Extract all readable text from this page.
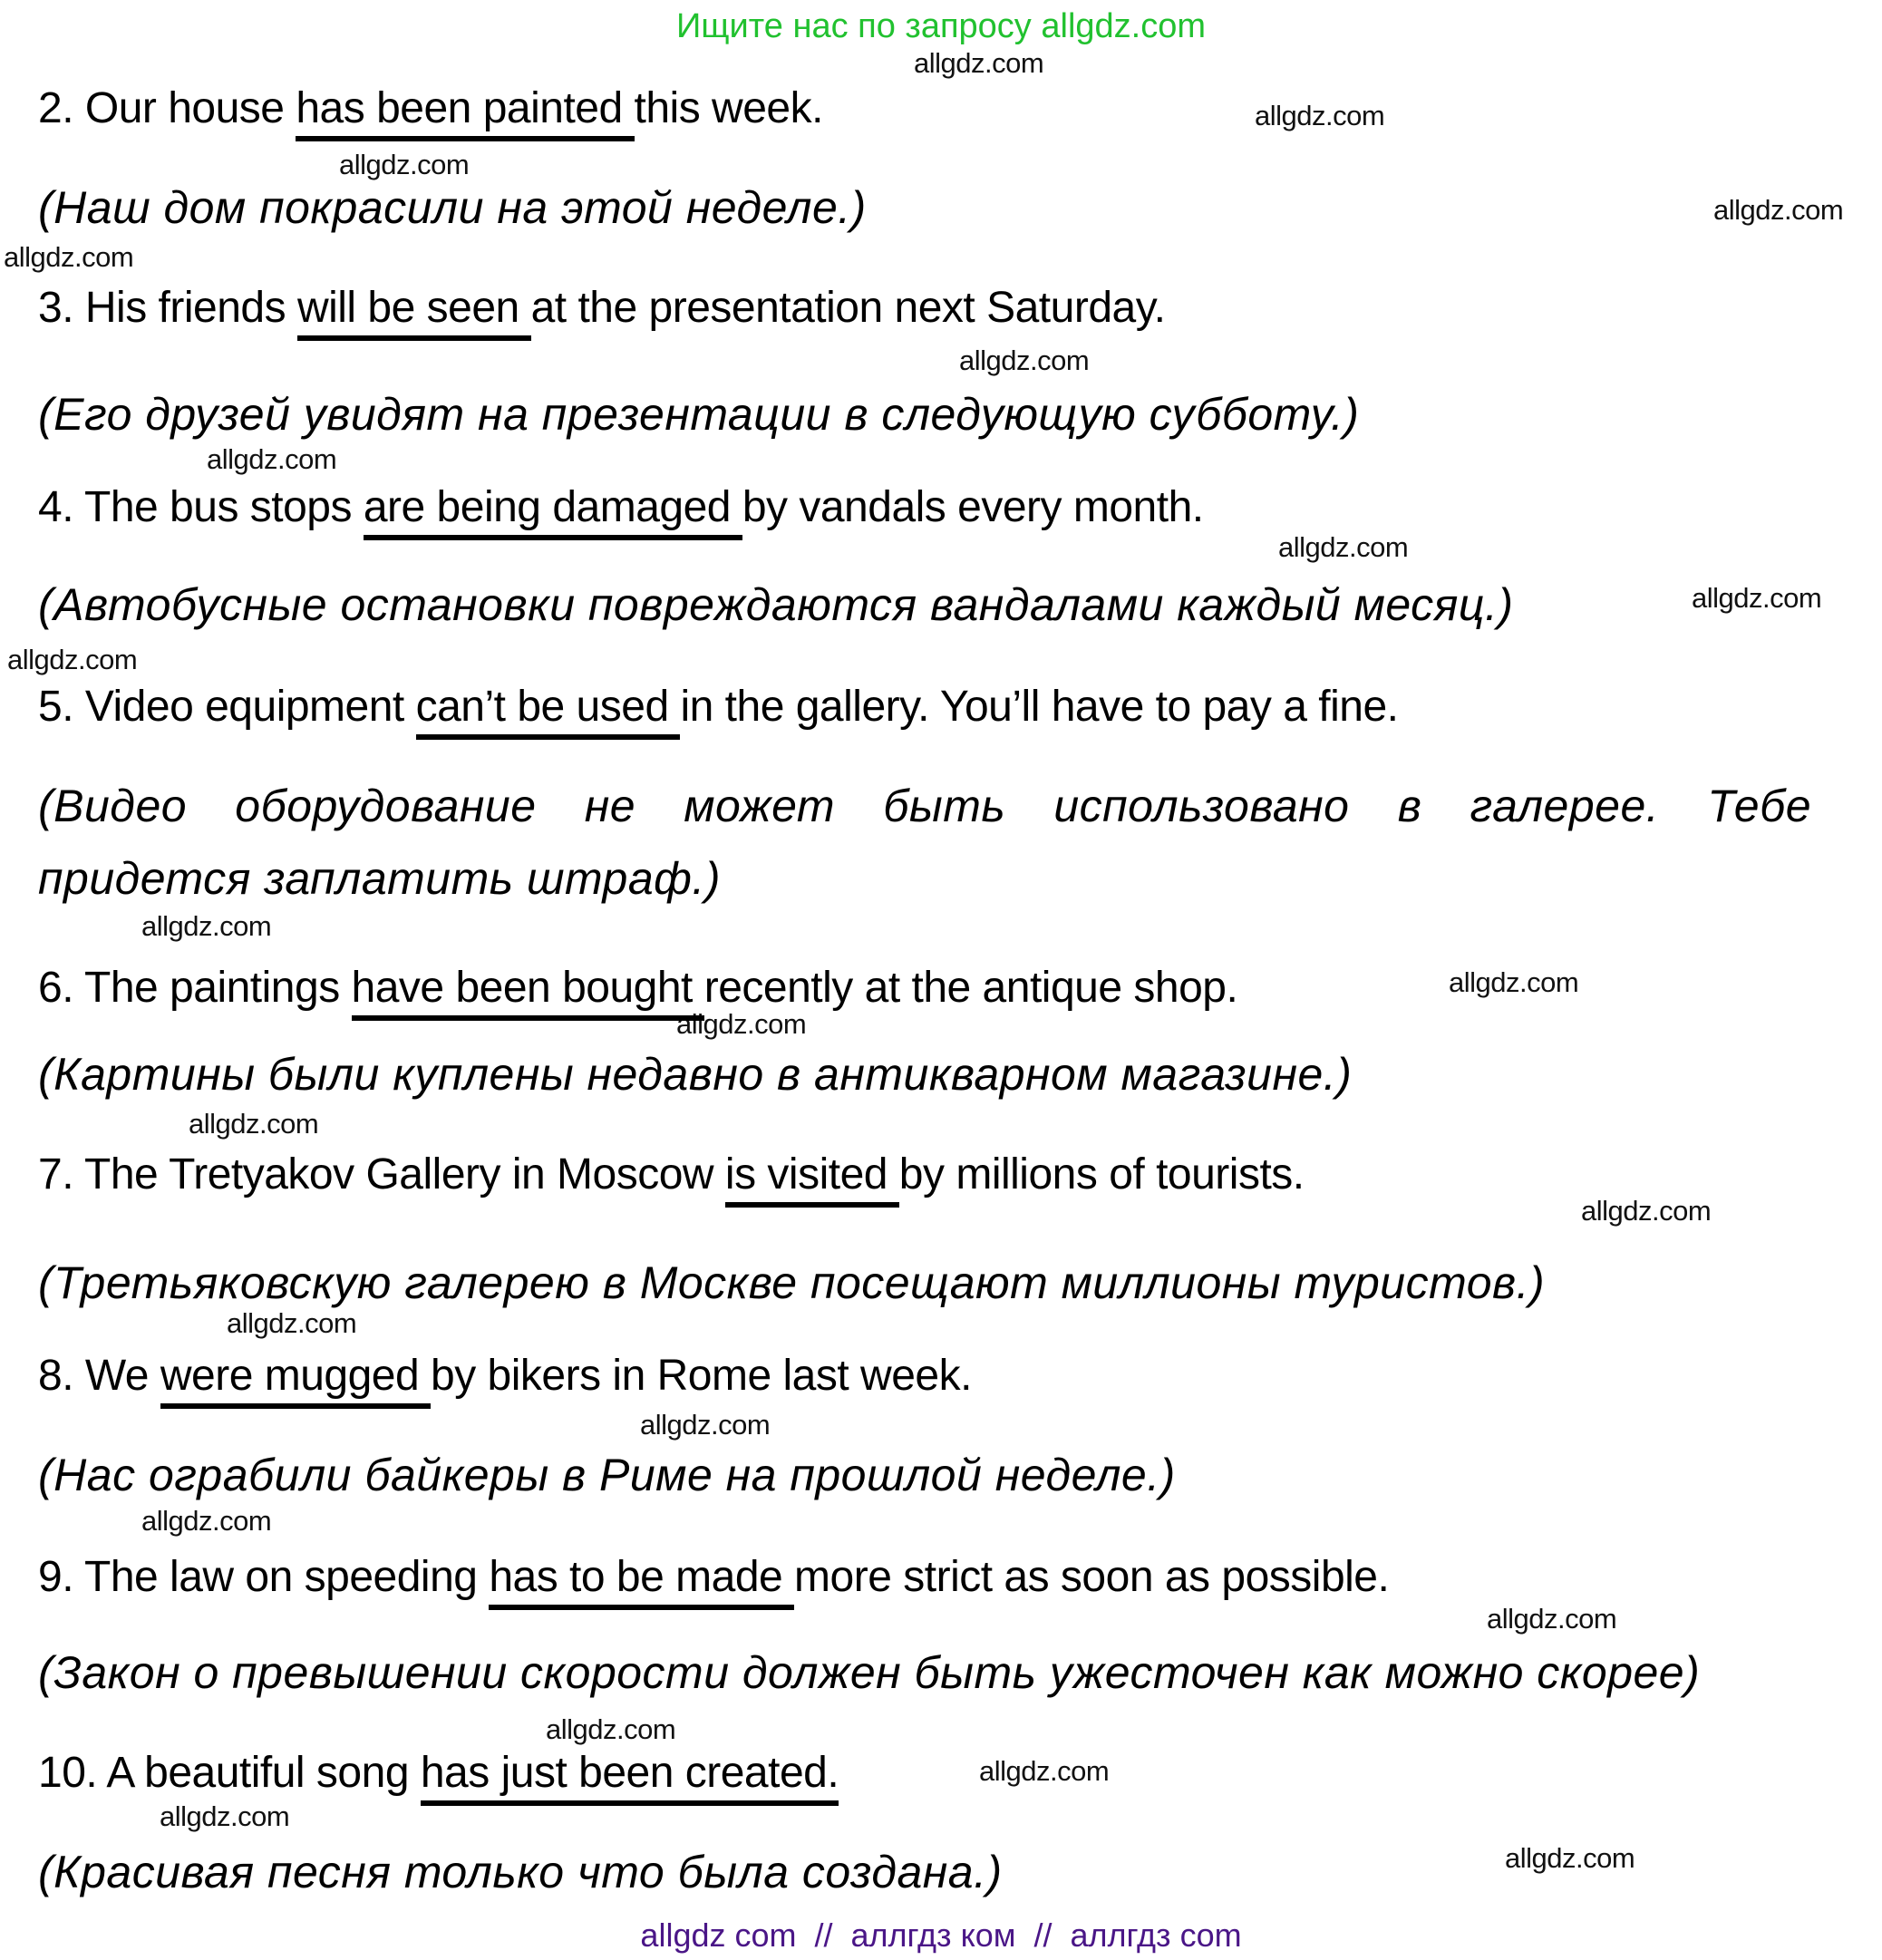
Ищите нас по запросу allgdz.com
allgdz.com
allgdz.com
allgdz.com
allgdz.com
allgdz.com
allgdz.com
allgdz.com
allgdz.com
allgdz.com
allgdz.com
allgdz.com
allgdz.com
allgdz.com
allgdz.com
allgdz.com
allgdz.com
allgdz.com
allgdz.com
allgdz.com
allgdz.com
allgdz.com
allgdz.com
allgdz.com
2. Our house has been painted this week.
(Наш дом покрасили на этой неделе.)
3. His friends will be seen at the presentation next Saturday.
(Его друзей увидят на презентации в следующую субботу.)
4. The bus stops are being damaged by vandals every month.
(Автобусные остановки повреждаются вандалами каждый месяц.)
5. Video equipment can’t be used in the gallery. You’ll have to pay a fine.
(Видео оборудование не может быть использовано в галерее. Тебе
придется заплатить штраф.)
6. The paintings have been bought recently at the antique shop.
(Картины были куплены недавно в антикварном магазине.)
7. The Tretyakov Gallery in Moscow is visited by millions of tourists.
(Третьяковскую галерею в Москве посещают миллионы туристов.)
8. We were mugged by bikers in Rome last week.
(Нас ограбили байкеры в Риме на прошлой неделе.)
9. The law on speeding has to be made more strict as soon as possible.
(Закон о превышении скорости должен быть ужесточен как можно скорее)
10. A beautiful song has just been created.
(Красивая песня только что была создана.)
allgdz com  //  аллгдз ком  //  аллгдз com
